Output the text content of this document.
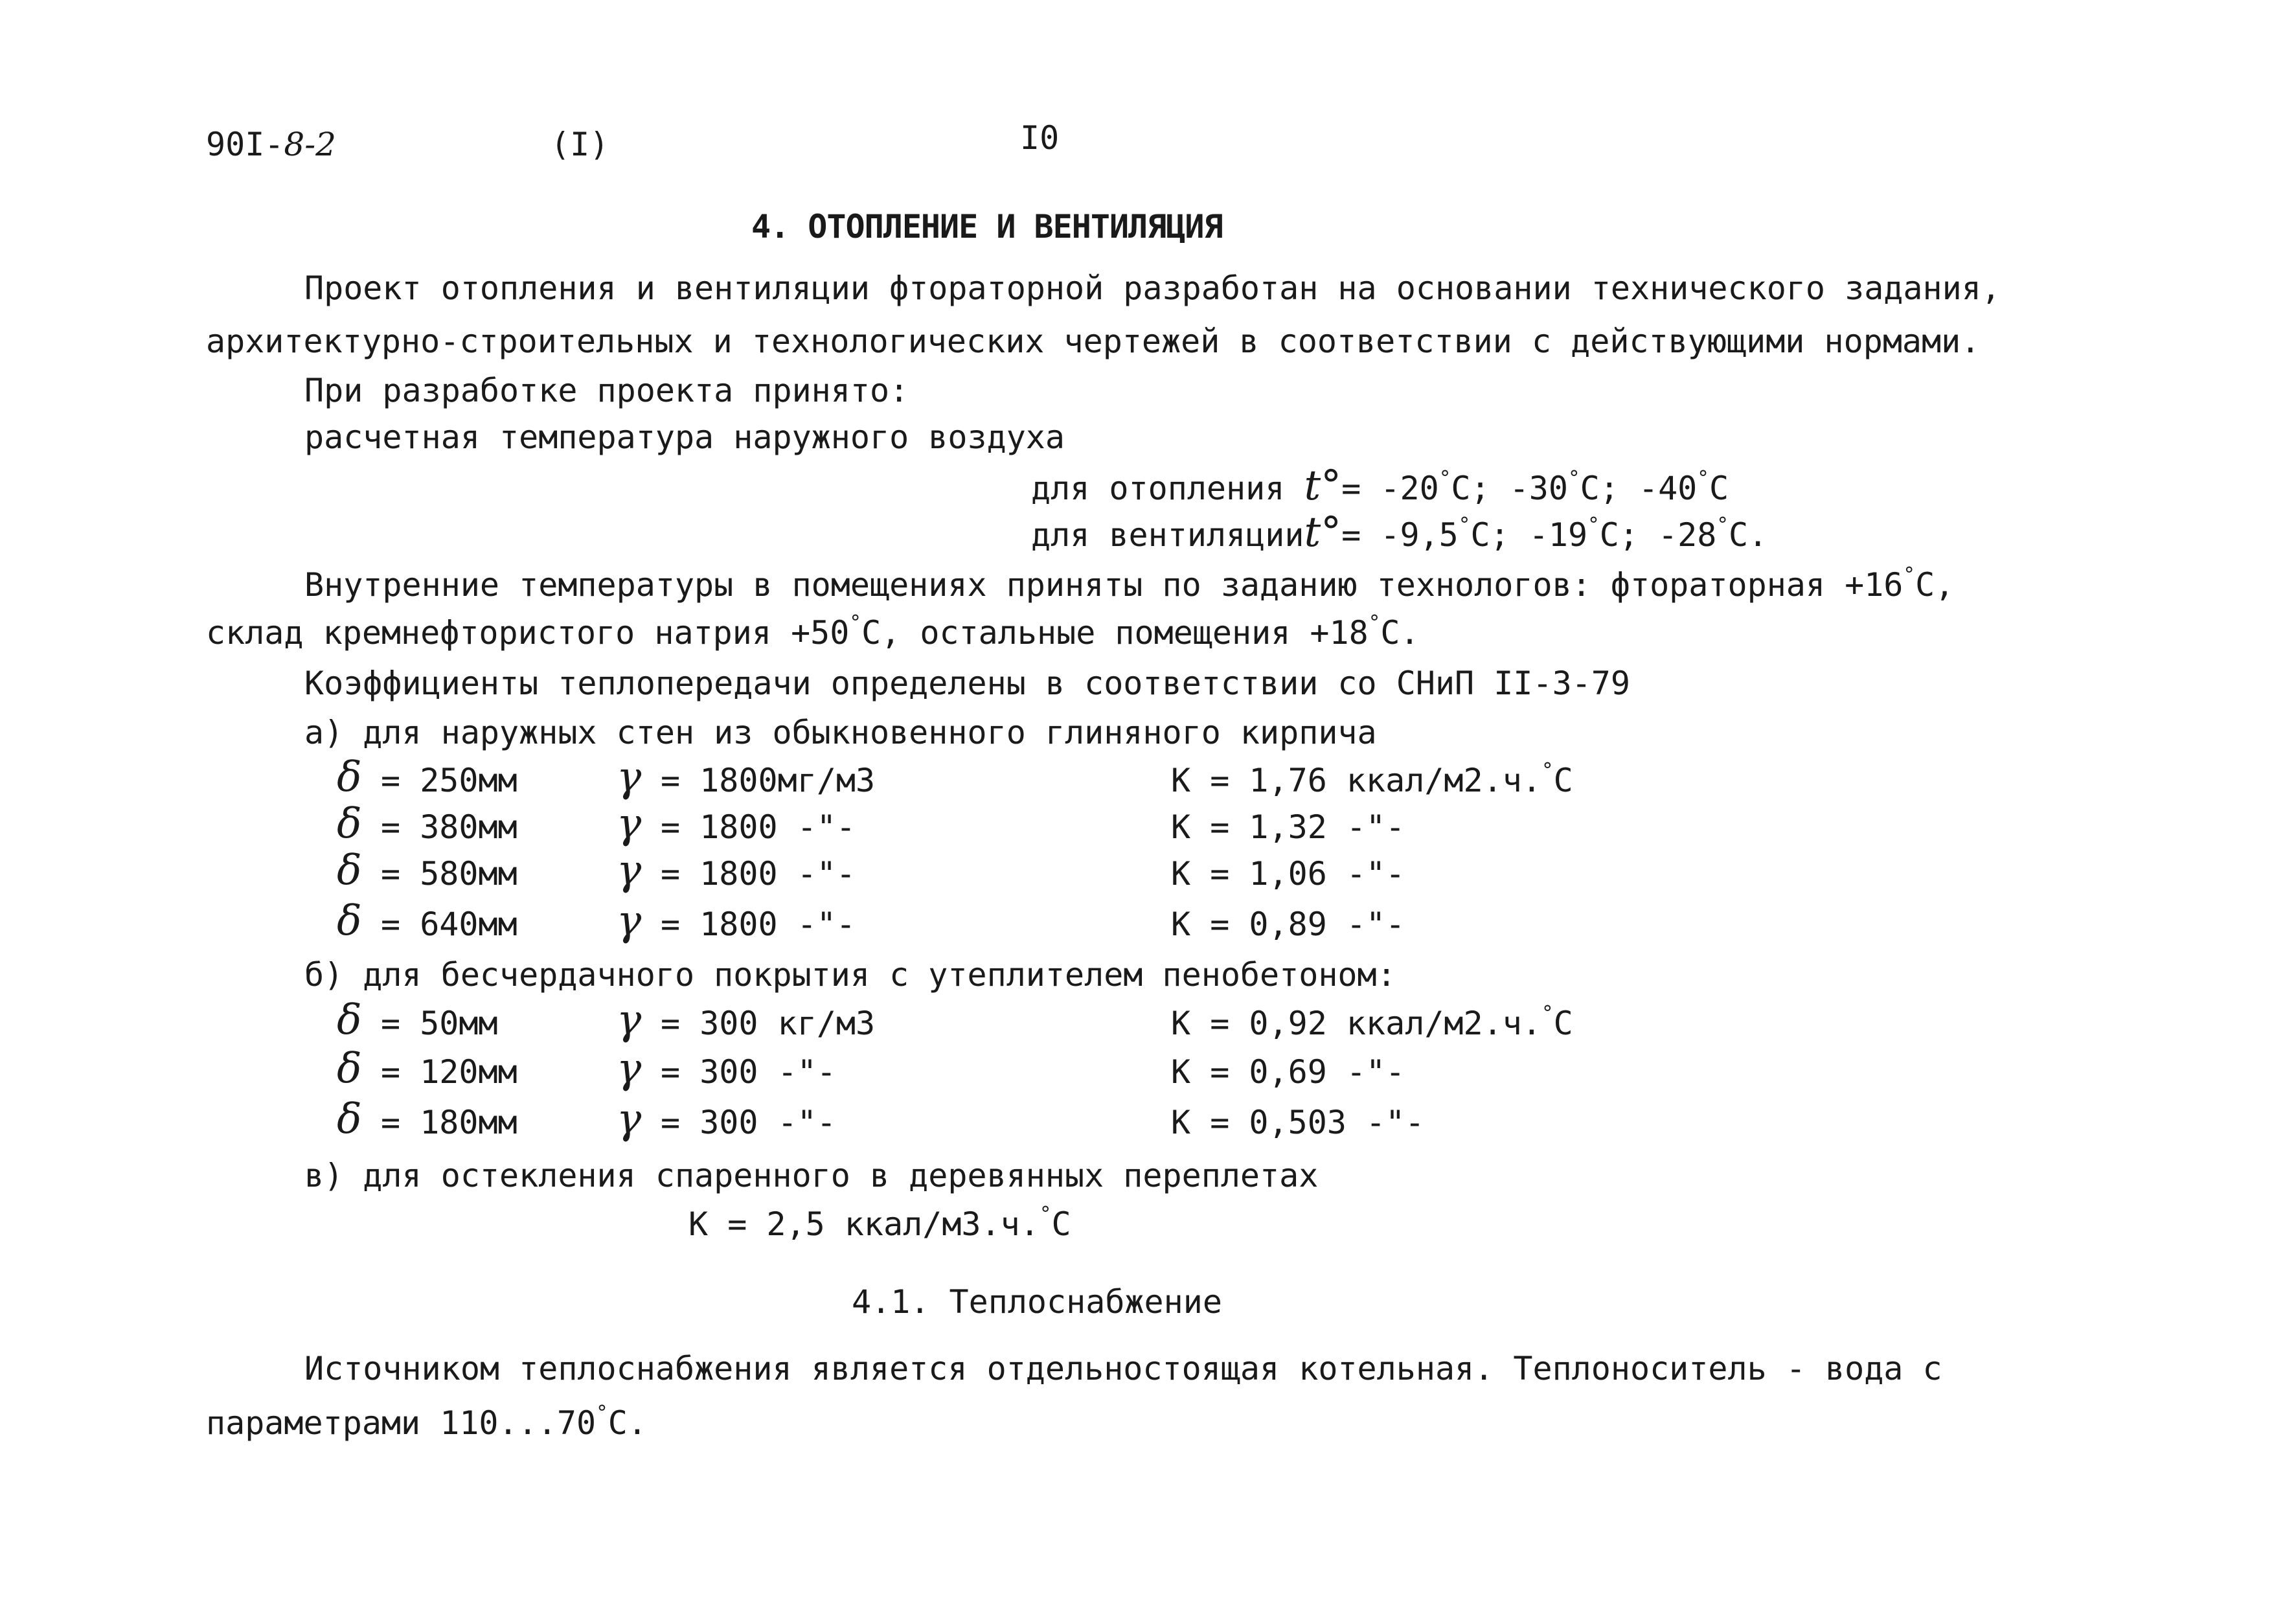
90I-8-2	(I)	I0
4. ОТОПЛЕНИЕ И ВЕНТИЛЯЦИЯ
Проект отопления и вентиляции фтораторной разработан на основании технического задания,
архитектурно-строительных и технологических чертежей в соответствии с действующими нормами.
При разработке проекта принято:
расчетная температура наружного воздуха
для отопления t°= -20°С; -30°С; -40°С
для вентиляцииt°= -9,5°С; -19°С; -28°С.
Внутренние температуры в помещениях приняты по заданию технологов: фтораторная +16°С,
склад кремнефтористого натрия +50°С, остальные помещения +18°С.
Коэффициенты теплопередачи определены в соответствии со СНиП II-3-79
а) для наружных стен из обыкновенного глиняного кирпича
δ = 250мм γ = 1800мг/м3	К = 1,76 ккал/м2.ч.°С
δ = 380мм γ = 1800 -"-	К = 1,32 -"-
δ = 580мм γ = 1800 -"-	К = 1,06 -"-
δ = 640мм γ = 1800 -"-	К = 0,89 -"-
б) для бесчердачного покрытия с утеплителем пенобетоном:
δ = 50мм	γ = 300 кг/м3	К = 0,92 ккал/м2.ч.°С
δ = 120мм γ = 300 -"-	К = 0,69 -"-
δ = 180мм γ = 300 -"-	К = 0,503 -"-
в) для остекления спаренного в деревянных переплетах
К = 2,5 ккал/м3.ч.°С
4.1. Теплоснабжение
Источником теплоснабжения является отдельностоящая котельная. Теплоноситель - вода с
параметрами 110...70°С.
